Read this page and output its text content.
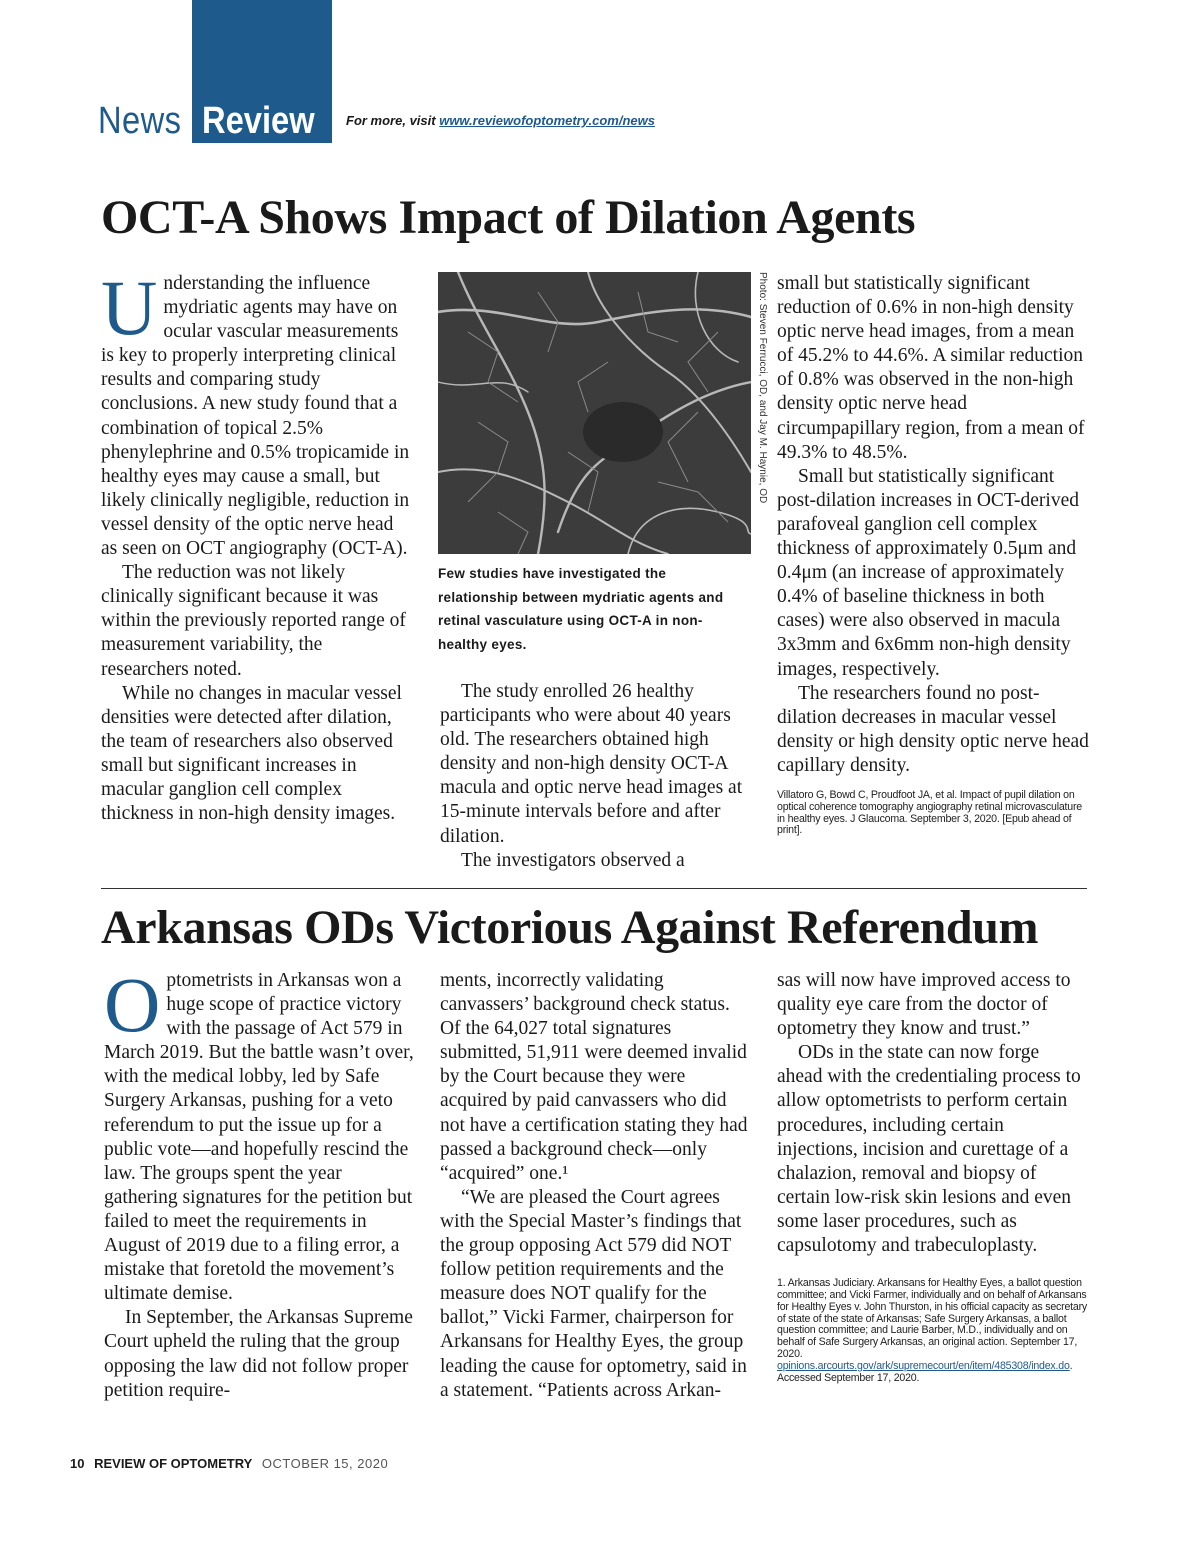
News Review For more, visit www.reviewofoptometry.com/news
OCT-A Shows Impact of Dilation Agents

Understanding the influence mydriatic agents may have on ocular vascular measurements is key to properly interpreting clinical results and comparing study conclusions. A new study found that a combination of topical 2.5% phenylephrine and 0.5% tropicamide in healthy eyes may cause a small, but likely clinically negligible, reduction in vessel density of the optic nerve head as seen on OCT angiography (OCT-A).

The reduction was not likely clinically significant because it was within the previously reported range of measurement variability, the researchers noted.

While no changes in macular vessel densities were detected after dilation, the team of researchers also observed small but significant increases in macular ganglion cell complex thickness in non-high density images.

Photo: Steven Ferrucci, OD, and Jay M. Haynie, OD
Few studies have investigated the relationship between mydriatic agents and retinal vasculature using OCT-A in non-healthy eyes.

The study enrolled 26 healthy participants who were about 40 years old. The researchers obtained high density and non-high density OCT-A macula and optic nerve head images at 15-minute intervals before and after dilation.

The investigators observed a

small but statistically significant reduction of 0.6% in non-high density optic nerve head images, from a mean of 45.2% to 44.6%. A similar reduction of 0.8% was observed in the non-high density optic nerve head circumpapillary region, from a mean of 49.3% to 48.5%.

Small but statistically significant post-dilation increases in OCT-derived parafoveal ganglion cell complex thickness of approximately 0.5μm and 0.4μm (an increase of approximately 0.4% of baseline thickness in both cases) were also observed in macula 3x3mm and 6x6mm non-high density images, respectively.

The researchers found no post-dilation decreases in macular vessel density or high density optic nerve head capillary density.

Villatoro G, Bowd C, Proudfoot JA, et al. Impact of pupil dilation on optical coherence tomography angiography retinal microvasculature in healthy eyes. J Glaucoma. September 3, 2020. [Epub ahead of print].

Arkansas ODs Victorious Against Referendum

Optometrists in Arkansas won a huge scope of practice victory with the passage of Act 579 in March 2019. But the battle wasn’t over, with the medical lobby, led by Safe Surgery Arkansas, pushing for a veto referendum to put the issue up for a public vote—and hopefully rescind the law. The groups spent the year gathering signatures for the petition but failed to meet the requirements in August of 2019 due to a filing error, a mistake that foretold the movement’s ultimate demise.

In September, the Arkansas Supreme Court upheld the ruling that the group opposing the law did not follow proper petition require-

ments, incorrectly validating canvassers’ background check status. Of the 64,027 total signatures submitted, 51,911 were deemed invalid by the Court because they were acquired by paid canvassers who did not have a certification stating they had passed a background check—only “acquired” one.¹

“We are pleased the Court agrees with the Special Master’s findings that the group opposing Act 579 did NOT follow petition requirements and the measure does NOT qualify for the ballot,” Vicki Farmer, chairperson for Arkansans for Healthy Eyes, the group leading the cause for optometry, said in a statement. “Patients across Arkan-

sas will now have improved access to quality eye care from the doctor of optometry they know and trust.”

ODs in the state can now forge ahead with the credentialing process to allow optometrists to perform certain procedures, including certain injections, incision and curettage of a chalazion, removal and biopsy of certain low-risk skin lesions and even some laser procedures, such as capsulotomy and trabeculoplasty.

1. Arkansas Judiciary. Arkansans for Healthy Eyes, a ballot question committee; and Vicki Farmer, individually and on behalf of Arkansans for Healthy Eyes v. John Thurston, in his official capacity as secretary of state of the state of Arkansas; Safe Surgery Arkansas, a ballot question committee; and Laurie Barber, M.D., individually and on behalf of Safe Surgery Arkansas, an original action. September 17, 2020. opinions.arcourts.gov/ark/supremecourt/en/item/485308/index.do. Accessed September 17, 2020.

10 REVIEW OF OPTOMETRY OCTOBER 15, 2020
